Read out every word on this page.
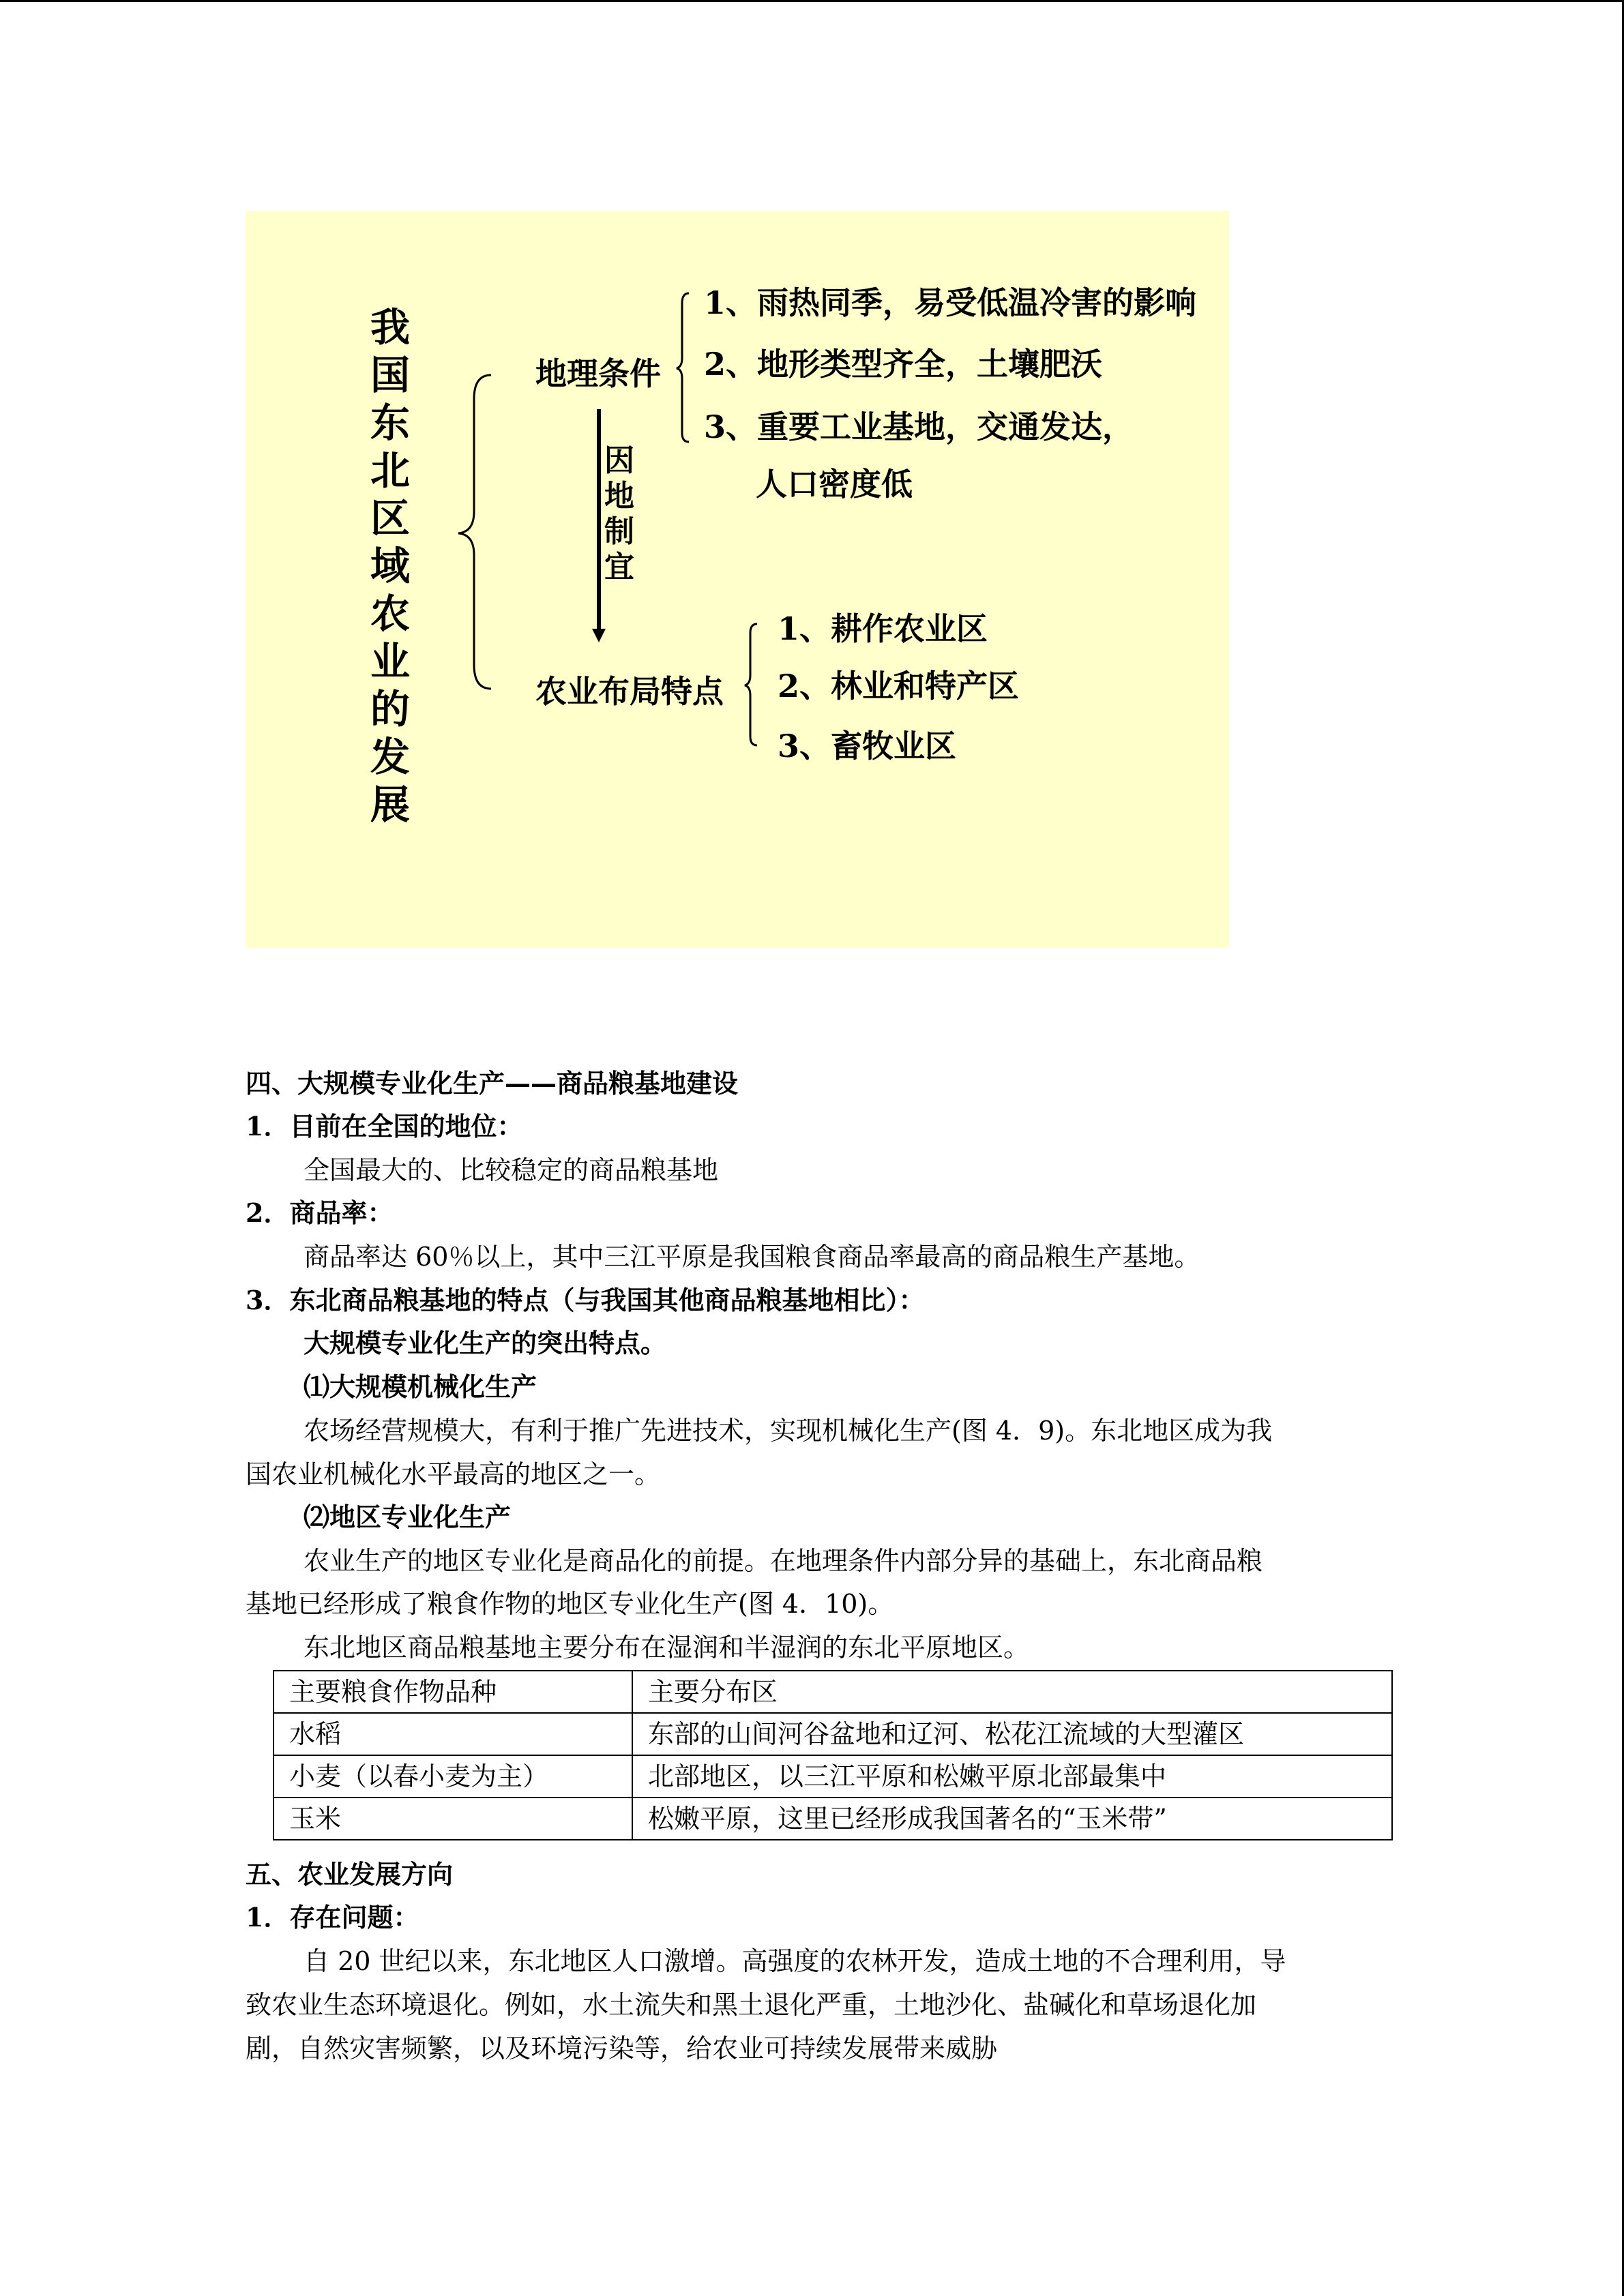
我国东北区域农业的发展
地理条件
1、雨热同季，易受低温冷害的影响
2、地形类型齐全，土壤肥沃
3、重要工业基地，交通发达，
人口密度低
因地制宜
农业布局特点
1、耕作农业区
2、林业和特产区
3、畜牧业区
四、大规模专业化生产——商品粮基地建设
1．目前在全国的地位：
全国最大的、比较稳定的商品粮基地
2．商品率：
商品率达 60％以上，其中三江平原是我国粮食商品率最高的商品粮生产基地。
3．东北商品粮基地的特点（与我国其他商品粮基地相比）：
大规模专业化生产的突出特点。
⑴大规模机械化生产
农场经营规模大，有利于推广先进技术，实现机械化生产(图 4．9)。东北地区成为我
国农业机械化水平最高的地区之一。
⑵地区专业化生产
农业生产的地区专业化是商品化的前提。在地理条件内部分异的基础上，东北商品粮
基地已经形成了粮食作物的地区专业化生产(图 4．10)。
东北地区商品粮基地主要分布在湿润和半湿润的东北平原地区。
主要粮食作物品种	主要分布区
水稻	东部的山间河谷盆地和辽河、松花江流域的大型灌区
小麦（以春小麦为主）	北部地区，以三江平原和松嫩平原北部最集中
玉米	松嫩平原，这里已经形成我国著名的“玉米带”
五、农业发展方向
1．存在问题：
自 20 世纪以来，东北地区人口激增。高强度的农林开发，造成土地的不合理利用，导
致农业生态环境退化。例如，水土流失和黑土退化严重，土地沙化、盐碱化和草场退化加
剧，自然灾害频繁，以及环境污染等，给农业可持续发展带来威胁
